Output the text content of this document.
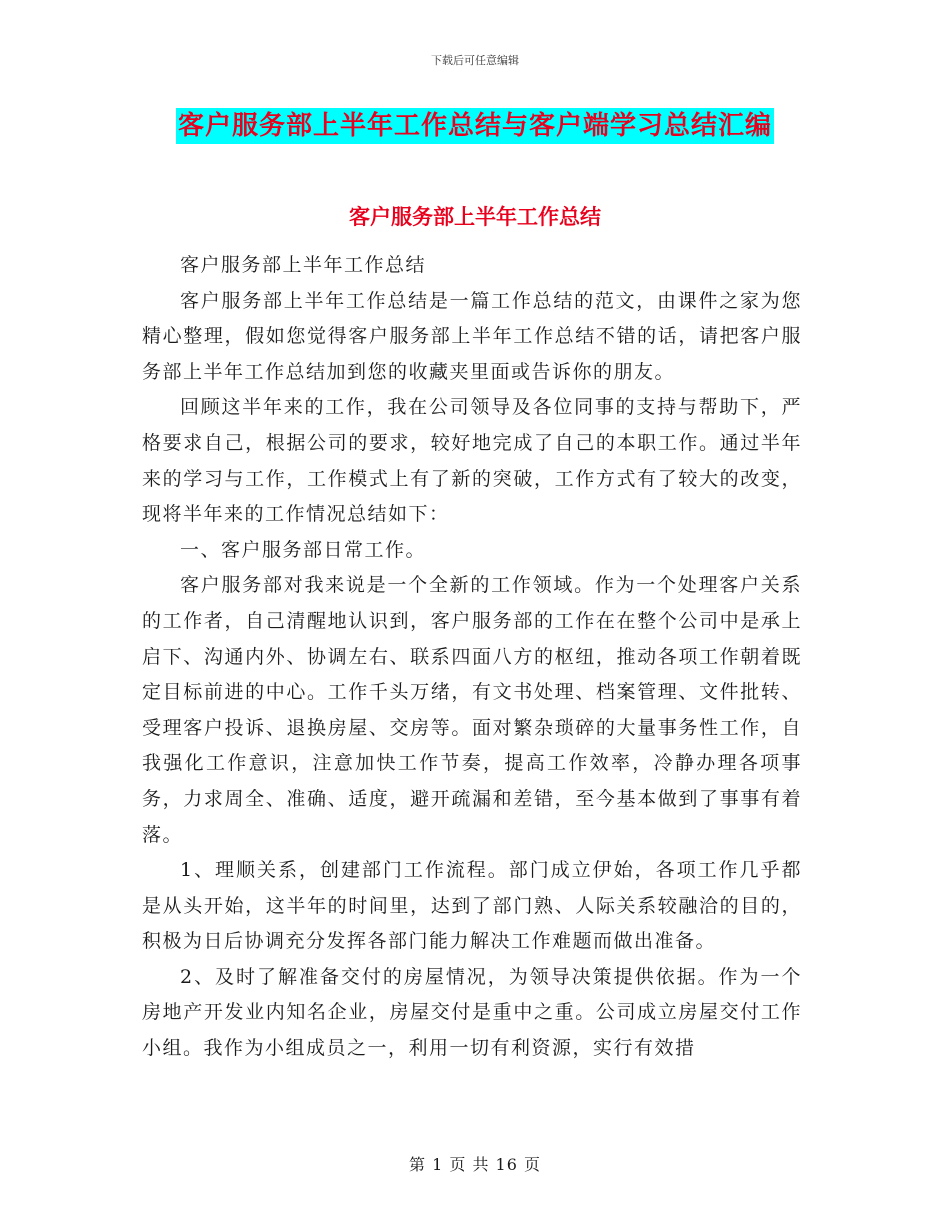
下载后可任意编辑
客户服务部上半年工作总结与客户端学习总结汇编
客户服务部上半年工作总结

客户服务部上半年工作总结

客户服务部上半年工作总结是一篇工作总结的范文，由课件之家为您精心整理，假如您觉得客户服务部上半年工作总结不错的话，请把客户服务部上半年工作总结加到您的收藏夹里面或告诉你的朋友。

回顾这半年来的工作，我在公司领导及各位同事的支持与帮助下，严格要求自己，根据公司的要求，较好地完成了自己的本职工作。通过半年来的学习与工作，工作模式上有了新的突破，工作方式有了较大的改变，现将半年来的工作情况总结如下：

一、客户服务部日常工作。

客户服务部对我来说是一个全新的工作领域。作为一个处理客户关系的工作者，自己清醒地认识到，客户服务部的工作在在整个公司中是承上启下、沟通内外、协调左右、联系四面八方的枢纽，推动各项工作朝着既定目标前进的中心。工作千头万绪，有文书处理、档案管理、文件批转、受理客户投诉、退换房屋、交房等。面对繁杂琐碎的大量事务性工作，自我强化工作意识，注意加快工作节奏，提高工作效率，冷静办理各项事务，力求周全、准确、适度，避开疏漏和差错，至今基本做到了事事有着落。

1、理顺关系，创建部门工作流程。部门成立伊始，各项工作几乎都是从头开始，这半年的时间里，达到了部门熟、人际关系较融洽的目的，积极为日后协调充分发挥各部门能力解决工作难题而做出准备。

2、及时了解准备交付的房屋情况，为领导决策提供依据。作为一个房地产开发业内知名企业，房屋交付是重中之重。公司成立房屋交付工作小组。我作为小组成员之一，利用一切有利资源，实行有效措

第 1 页 共 16 页
